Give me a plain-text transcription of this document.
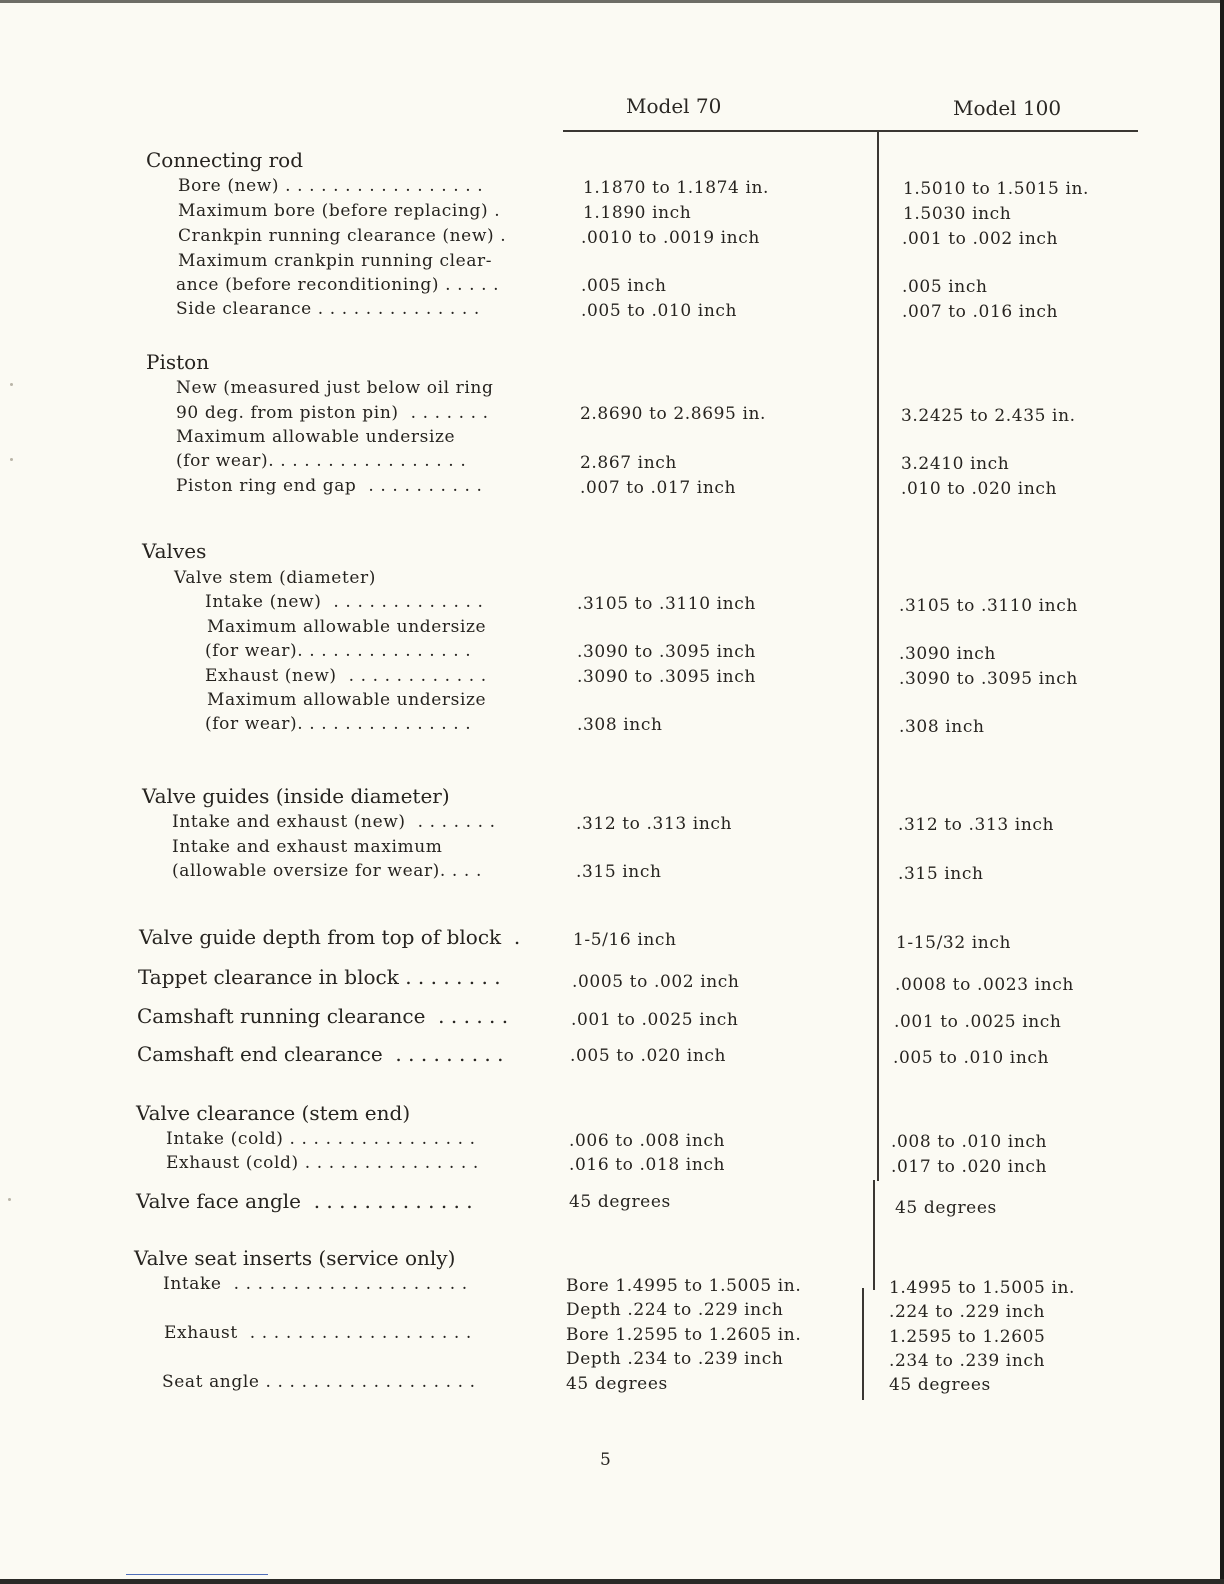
Model 70	Model 100
Connecting rod
Bore (new) . . . . . . . . . . . . . . . . .	1.1870 to 1.1874 in.	1.5010 to 1.5015 in.
Maximum bore (before replacing) .	1.1890 inch	1.5030 inch
Crankpin running clearance (new) .	.0010 to .0019 inch	.001 to .002 inch
Maximum crankpin running clear-
ance (before reconditioning) . . . . .	.005 inch	.005 inch
Side clearance . . . . . . . . . . . . . .	.005 to .010 inch	.007 to .016 inch
Piston
New (measured just below oil ring
90 deg. from piston pin)  . . . . . . .	2.8690 to 2.8695 in.	3.2425 to 2.435 in.
Maximum allowable undersize
(for wear). . . . . . . . . . . . . . . . .	2.867 inch	3.2410 inch
Piston ring end gap  . . . . . . . . . .	.007 to .017 inch	.010 to .020 inch
Valves
Valve stem (diameter)
Intake (new)  . . . . . . . . . . . . .	.3105 to .3110 inch	.3105 to .3110 inch
Maximum allowable undersize
(for wear). . . . . . . . . . . . . . .	.3090 to .3095 inch	.3090 inch
Exhaust (new)  . . . . . . . . . . . .	.3090 to .3095 inch	.3090 to .3095 inch
Maximum allowable undersize
(for wear). . . . . . . . . . . . . . .	.308 inch	.308 inch
Valve guides (inside diameter)
Intake and exhaust (new)  . . . . . . .	.312 to .313 inch	.312 to .313 inch
Intake and exhaust maximum
(allowable oversize for wear). . . .	.315 inch	.315 inch
Valve guide depth from top of block  .	1-5/16 inch	1-15/32 inch
Tappet clearance in block . . . . . . . .	.0005 to .002 inch	.0008 to .0023 inch
Camshaft running clearance  . . . . . .	.001 to .0025 inch	.001 to .0025 inch
Camshaft end clearance  . . . . . . . . .	.005 to .020 inch	.005 to .010 inch
Valve clearance (stem end)
Intake (cold) . . . . . . . . . . . . . . . .	.006 to .008 inch	.008 to .010 inch
Exhaust (cold) . . . . . . . . . . . . . . .	.016 to .018 inch	.017 to .020 inch
Valve face angle  . . . . . . . . . . . . .	45 degrees	45 degrees
Valve seat inserts (service only)
Intake  . . . . . . . . . . . . . . . . . . . .	Bore 1.4995 to 1.5005 in.	1.4995 to 1.5005 in.
Depth .224 to .229 inch	.224 to .229 inch
Exhaust  . . . . . . . . . . . . . . . . . . .	Bore 1.2595 to 1.2605 in.	1.2595 to 1.2605
Depth .234 to .239 inch	.234 to .239 inch
Seat angle . . . . . . . . . . . . . . . . . .	45 degrees	45 degrees
5
